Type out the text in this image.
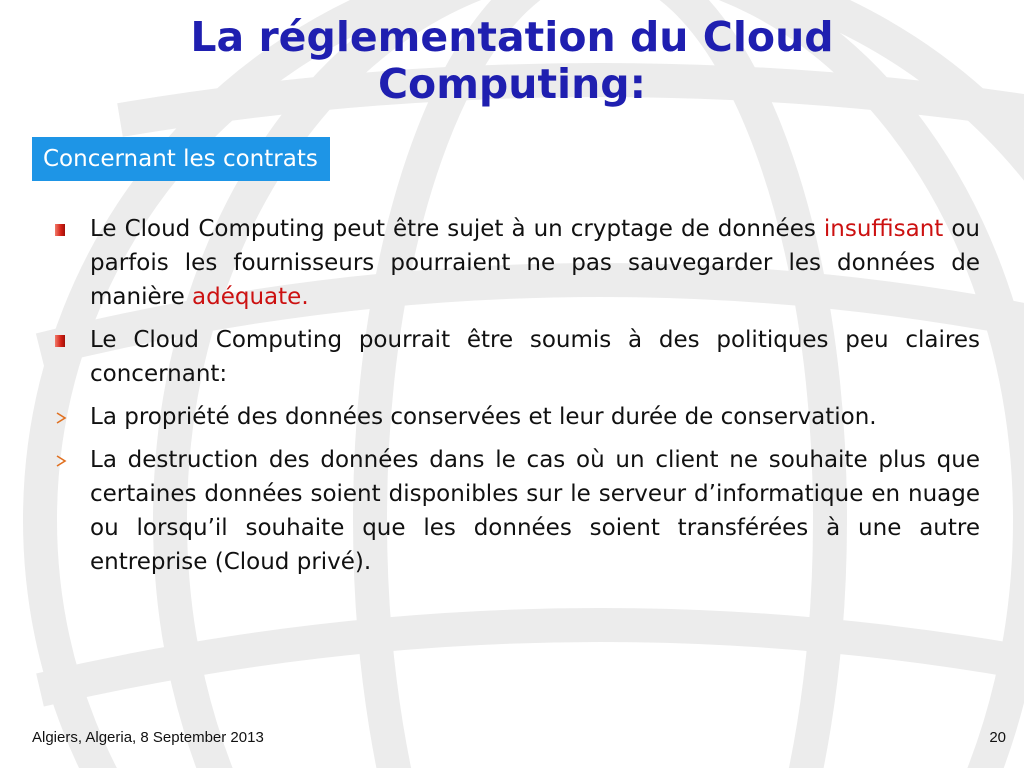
La réglementation du Cloud Computing:
Concernant les contrats
Le Cloud Computing peut être sujet à un cryptage de données insuffisant ou parfois les fournisseurs pourraient ne pas sauvegarder les données de manière adéquate.
Le Cloud Computing pourrait être soumis à des politiques peu claires concernant:
La propriété des données conservées et leur durée de conservation.
La destruction des données dans le cas où un client ne souhaite plus que certaines données soient disponibles sur le serveur d’informatique en nuage ou lorsqu’il souhaite que les données soient transférées à une autre entreprise (Cloud privé).
Algiers, Algeria, 8 September 2013	20
